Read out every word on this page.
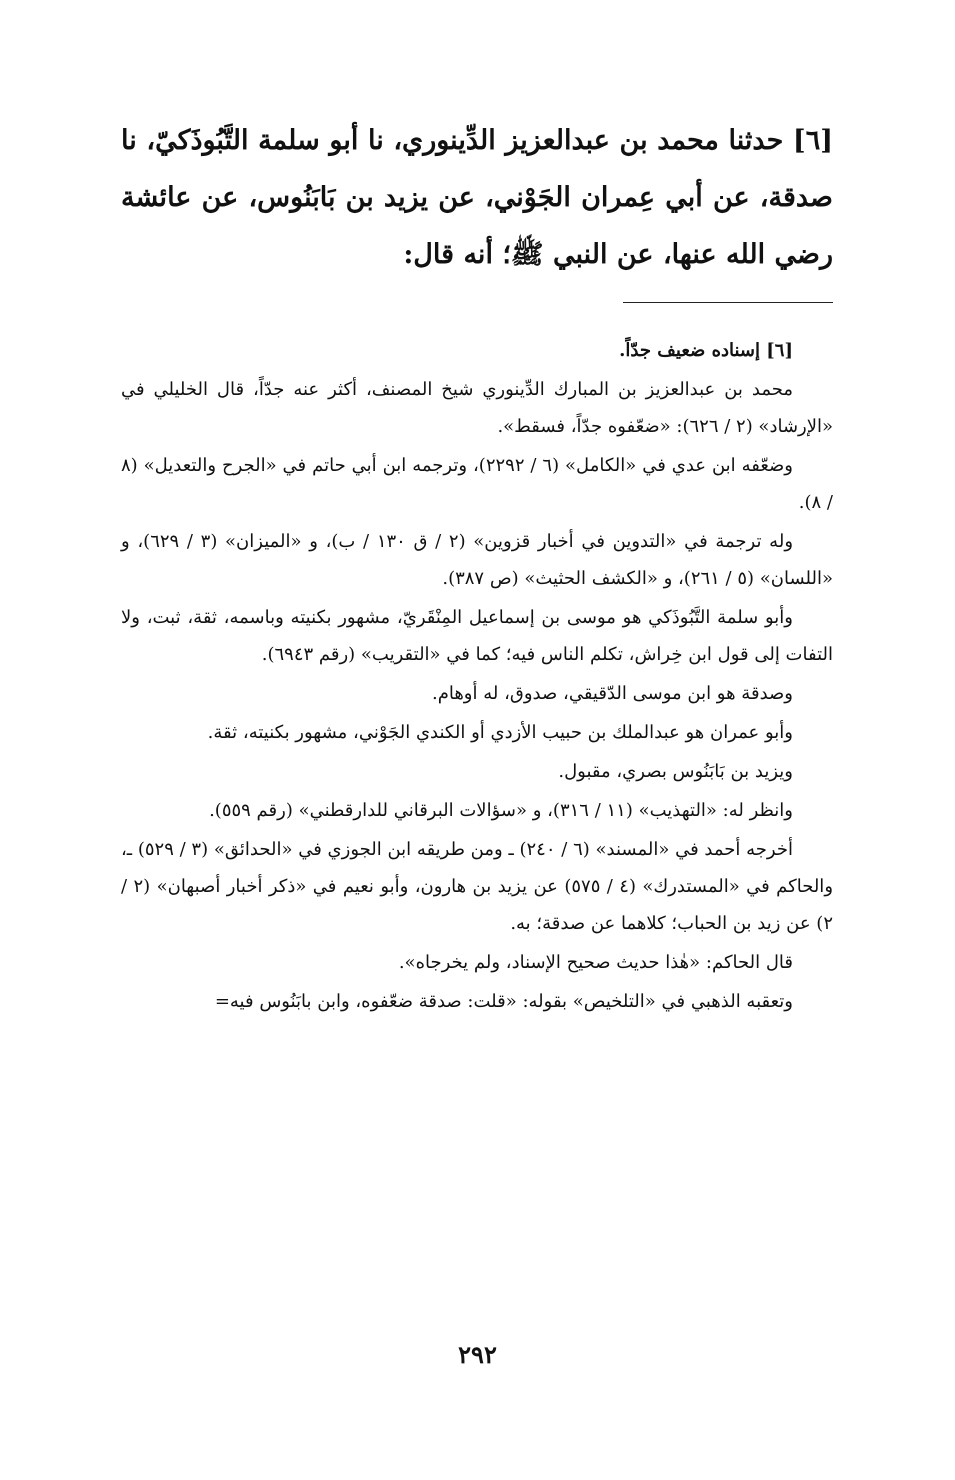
[٦] حدثنا محمد بن عبدالعزيز الدِّينوري، نا أبو سلمة التَّبُوذَكيّ، نا صدقة، عن أبي عِمران الجَوْني، عن يزيد بن بَابَنُوس، عن عائشة رضي الله عنها، عن النبي ﷺ؛ أنه قال:

[٦] إسناده ضعيف جدّاً.

محمد بن عبدالعزيز بن المبارك الدِّينوري شيخ المصنف، أكثر عنه جدّاً، قال الخليلي في «الإرشاد» (٢ / ٦٢٦): «ضعّفوه جدّاً، فسقط».

وضعّفه ابن عدي في «الكامل» (٦ / ٢٢٩٢)، وترجمه ابن أبي حاتم في «الجرح والتعديل» (٨ / ٨).

وله ترجمة في «التدوين في أخبار قزوين» (٢ / ق ١٣٠ / ب)، و «الميزان» (٣ / ٦٢٩)، و «اللسان» (٥ / ٢٦١)، و «الكشف الحثيث» (ص ٣٨٧).

وأبو سلمة التَّبُوذَكي هو موسى بن إسماعيل المِنْقَريّ، مشهور بكنيته وباسمه، ثقة، ثبت، ولا التفات إلى قول ابن خِراش، تكلم الناس فيه؛ كما في «التقريب» (رقم ٦٩٤٣).

وصدقة هو ابن موسى الدّقيقي، صدوق، له أوهام.

وأبو عمران هو عبدالملك بن حبيب الأزدي أو الكندي الجَوْني، مشهور بكنيته، ثقة.

ويزيد بن بَابَنُوس بصري، مقبول.

وانظر له: «التهذيب» (١١ / ٣١٦)، و «سؤالات البرقاني للدارقطني» (رقم ٥٥٩).

أخرجه أحمد في «المسند» (٦ / ٢٤٠) ـ ومن طريقه ابن الجوزي في «الحدائق» (٣ / ٥٢٩) ـ، والحاكم في «المستدرك» (٤ / ٥٧٥) عن يزيد بن هارون، وأبو نعيم في «ذكر أخبار أصبهان» (٢ / ٢) عن زيد بن الحباب؛ كلاهما عن صدقة؛ به.

قال الحاكم: «هٰذا حديث صحيح الإسناد، ولم يخرجاه».

وتعقبه الذهبي في «التلخيص» بقوله: «قلت: صدقة ضعّفوه، وابن بابَنُوس فيه=

٢٩٢
